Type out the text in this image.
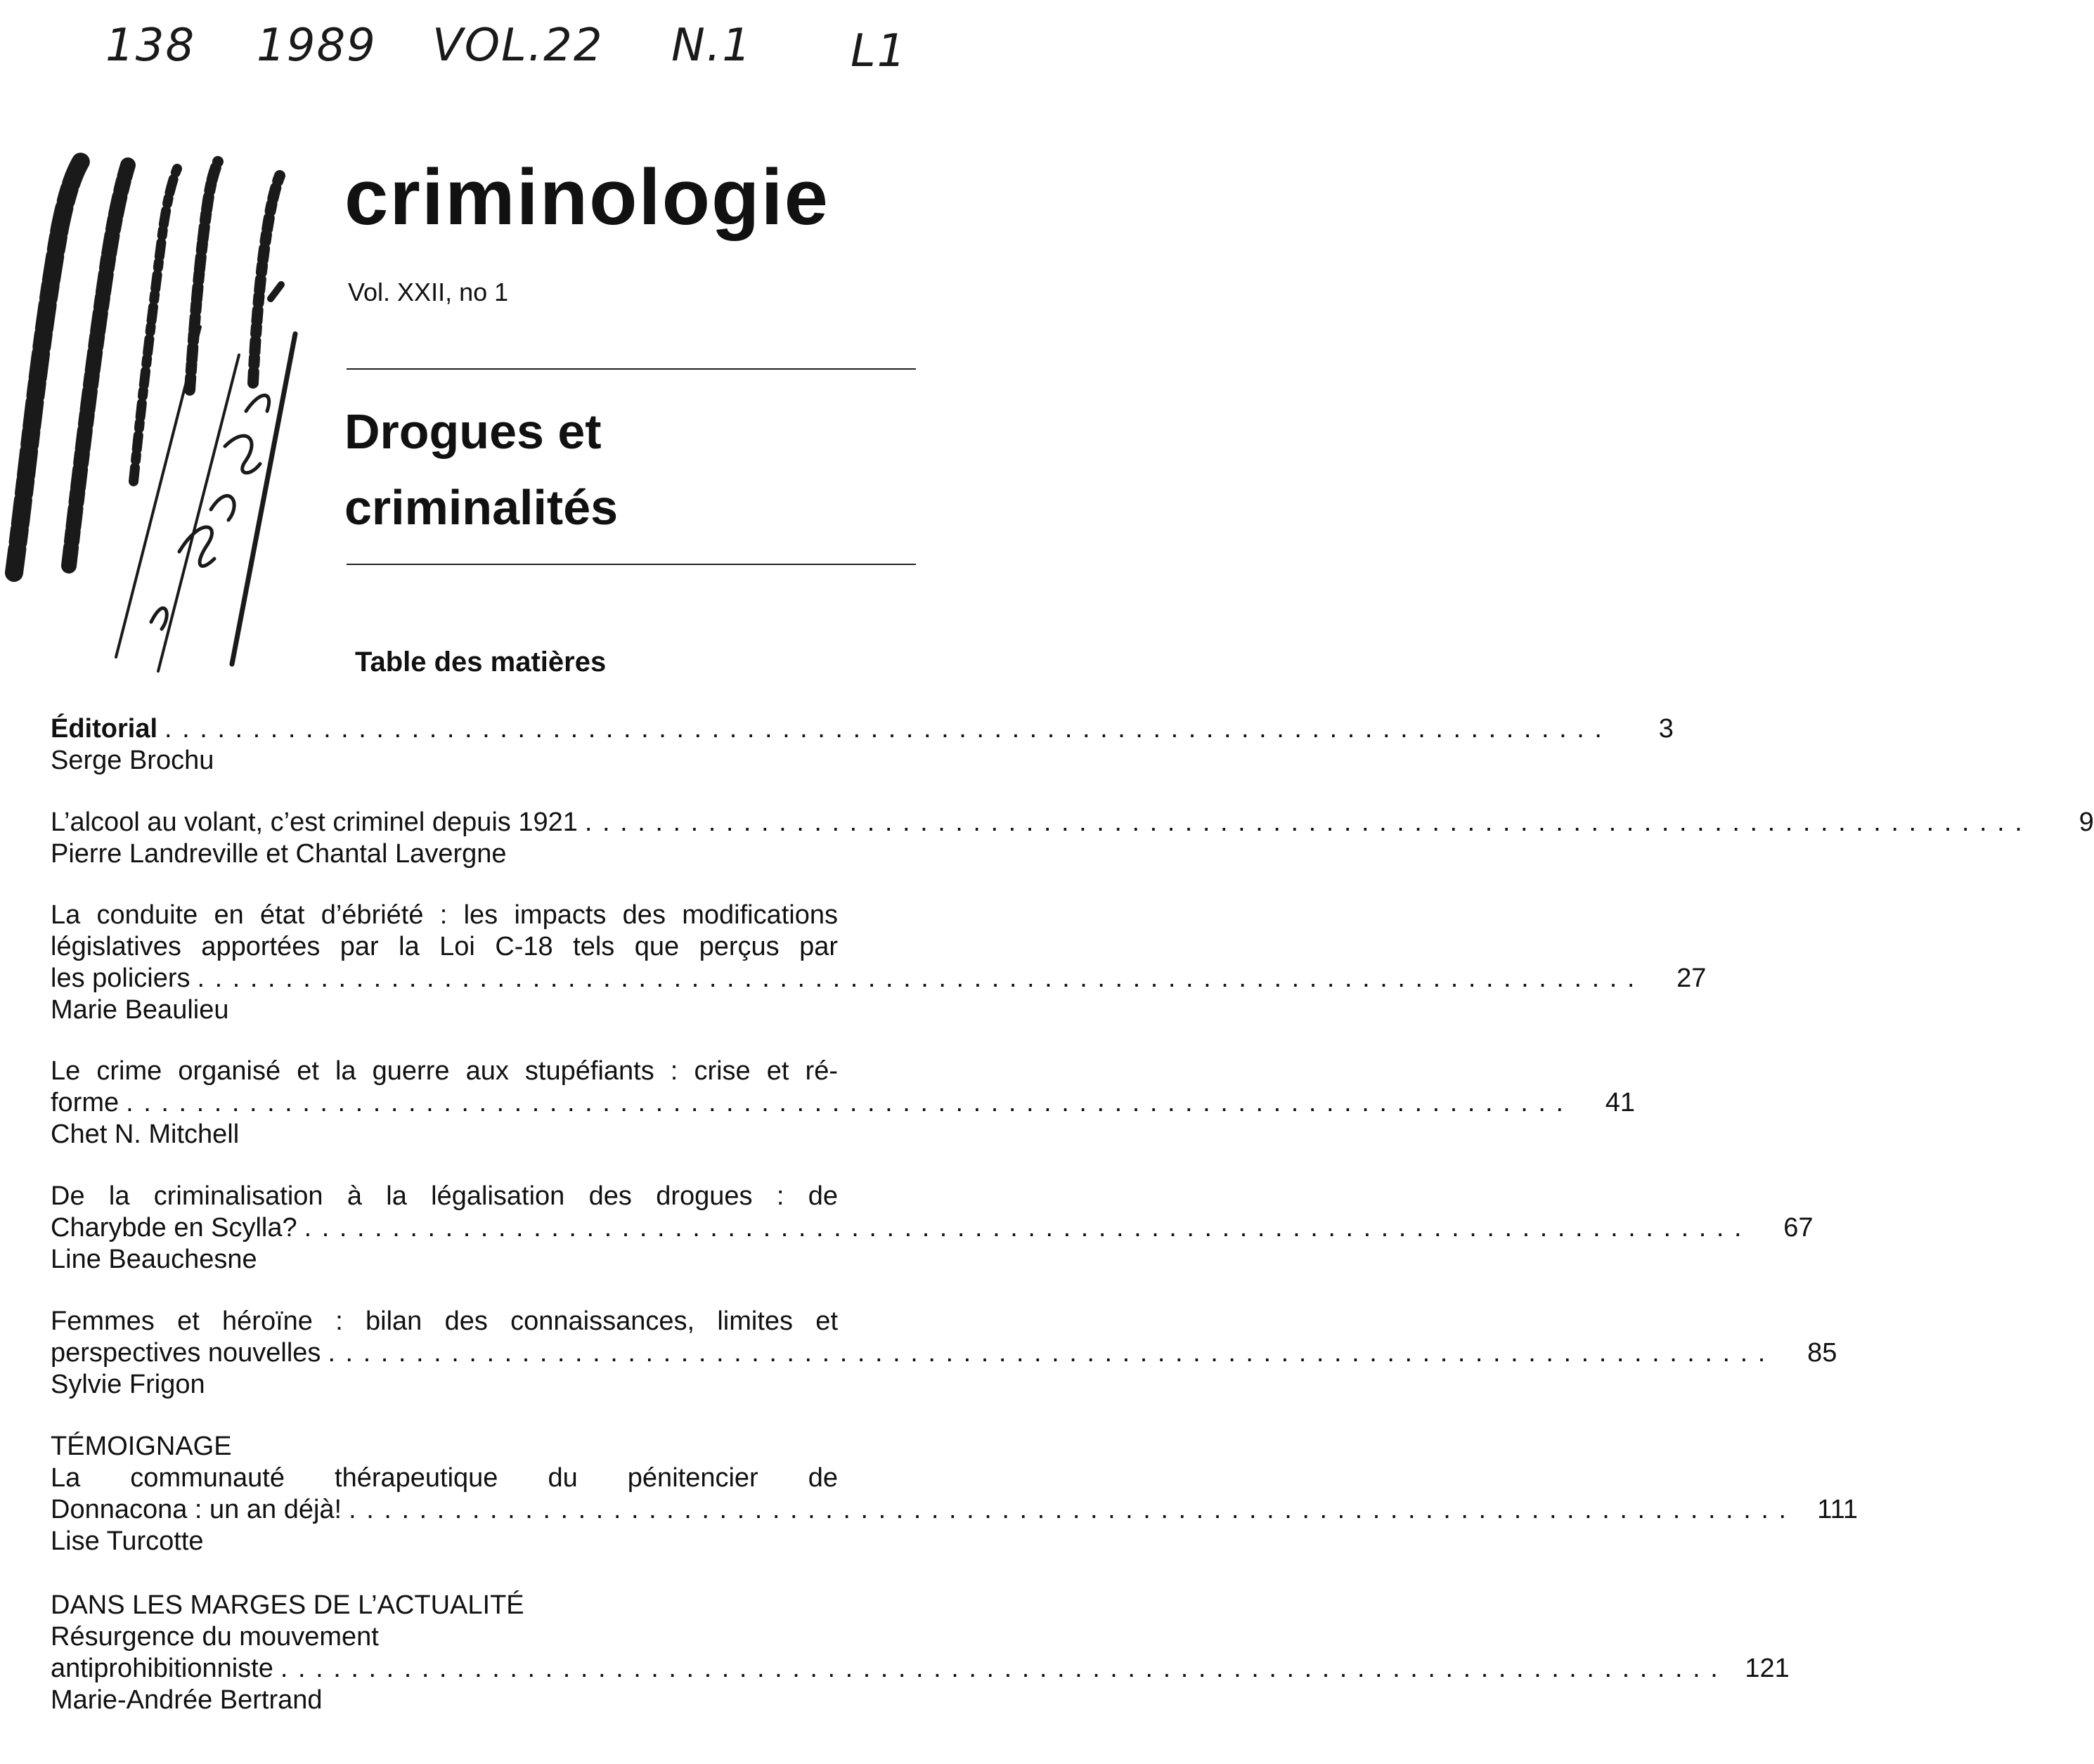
138 1989 VOL.22 N.1 L1
criminologie
Vol. XXII, no 1
Drogues et
criminalités
Table des matières
Éditorial . . . . . . . . . . . . . . . . . . . . . . . . . . . . . . . . . . . . . . . . . . . . . . . . . . . . . . . . . . . . . . . . . . . . . . . . . . . . . . . . . .	3
Serge Brochu
L’alcool au volant, c’est criminel depuis 1921 . . . . . . . . . . . . . . . . . . . . . . . . . . . . . . . . . . . . . . . . . . . . . . . . . . . . . . . . . . . . . . . . . . . . . . . . . . . . . . . . . .	9
Pierre Landreville et Chantal Lavergne
La conduite en état d’ébriété : les impacts des modifications
législatives apportées par la Loi C-18 tels que perçus par
les policiers . . . . . . . . . . . . . . . . . . . . . . . . . . . . . . . . . . . . . . . . . . . . . . . . . . . . . . . . . . . . . . . . . . . . . . . . . . . . . . . . . .	27
Marie Beaulieu
Le crime organisé et la guerre aux stupéfiants : crise et ré-
forme . . . . . . . . . . . . . . . . . . . . . . . . . . . . . . . . . . . . . . . . . . . . . . . . . . . . . . . . . . . . . . . . . . . . . . . . . . . . . . . . . .	41
Chet N. Mitchell
De la criminalisation à la légalisation des drogues : de
Charybde en Scylla? . . . . . . . . . . . . . . . . . . . . . . . . . . . . . . . . . . . . . . . . . . . . . . . . . . . . . . . . . . . . . . . . . . . . . . . . . . . . . . . . . .	67
Line Beauchesne
Femmes et héroïne : bilan des connaissances, limites et
perspectives nouvelles . . . . . . . . . . . . . . . . . . . . . . . . . . . . . . . . . . . . . . . . . . . . . . . . . . . . . . . . . . . . . . . . . . . . . . . . . . . . . . . . . .	85
Sylvie Frigon
TÉMOIGNAGE
La communauté thérapeutique du pénitencier de
Donnacona : un an déjà! . . . . . . . . . . . . . . . . . . . . . . . . . . . . . . . . . . . . . . . . . . . . . . . . . . . . . . . . . . . . . . . . . . . . . . . . . . . . . . . . . .	111
Lise Turcotte
DANS LES MARGES DE L’ACTUALITÉ
Résurgence du mouvement
antiprohibitionniste . . . . . . . . . . . . . . . . . . . . . . . . . . . . . . . . . . . . . . . . . . . . . . . . . . . . . . . . . . . . . . . . . . . . . . . . . . . . . . . . . . 121
Marie-Andrée Bertrand
